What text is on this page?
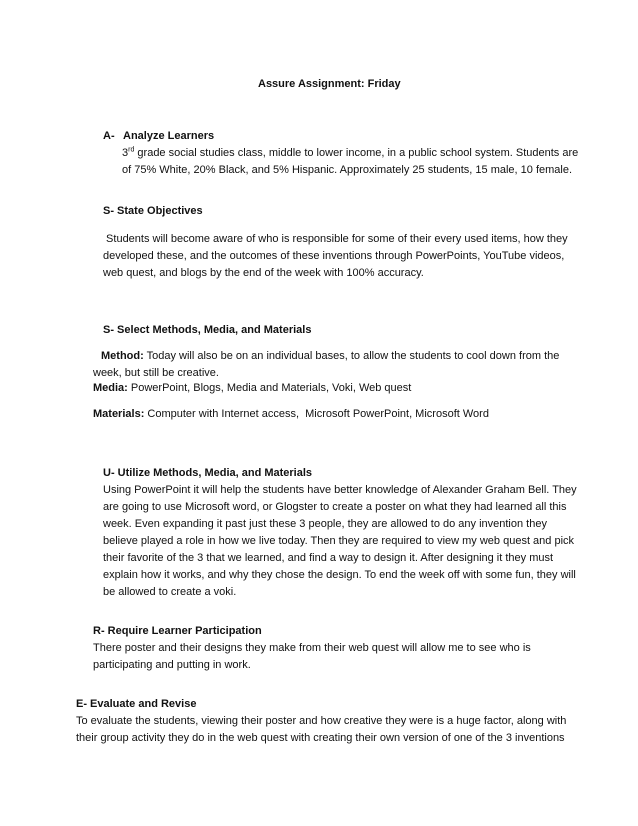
Assure Assignment: Friday
A- Analyze Learners
3rd grade social studies class, middle to lower income, in a public school system. Students are
of 75% White, 20% Black, and 5% Hispanic. Approximately 25 students, 15 male, 10 female.
S- State Objectives
Students will become aware of who is responsible for some of their every used items, how they
developed these, and the outcomes of these inventions through PowerPoints, YouTube videos,
web quest, and blogs by the end of the week with 100% accuracy.
S- Select Methods, Media, and Materials
Method: Today will also be on an individual bases, to allow the students to cool down from the
week, but still be creative.
Media: PowerPoint, Blogs, Media and Materials, Voki, Web quest
Materials: Computer with Internet access,  Microsoft PowerPoint, Microsoft Word
U- Utilize Methods, Media, and Materials
Using PowerPoint it will help the students have better knowledge of Alexander Graham Bell. They
are going to use Microsoft word, or Glogster to create a poster on what they had learned all this
week. Even expanding it past just these 3 people, they are allowed to do any invention they
believe played a role in how we live today. Then they are required to view my web quest and pick
their favorite of the 3 that we learned, and find a way to design it. After designing it they must
explain how it works, and why they chose the design. To end the week off with some fun, they will
be allowed to create a voki.
R- Require Learner Participation
There poster and their designs they make from their web quest will allow me to see who is
participating and putting in work.
E- Evaluate and Revise
To evaluate the students, viewing their poster and how creative they were is a huge factor, along with
their group activity they do in the web quest with creating their own version of one of the 3 inventions
